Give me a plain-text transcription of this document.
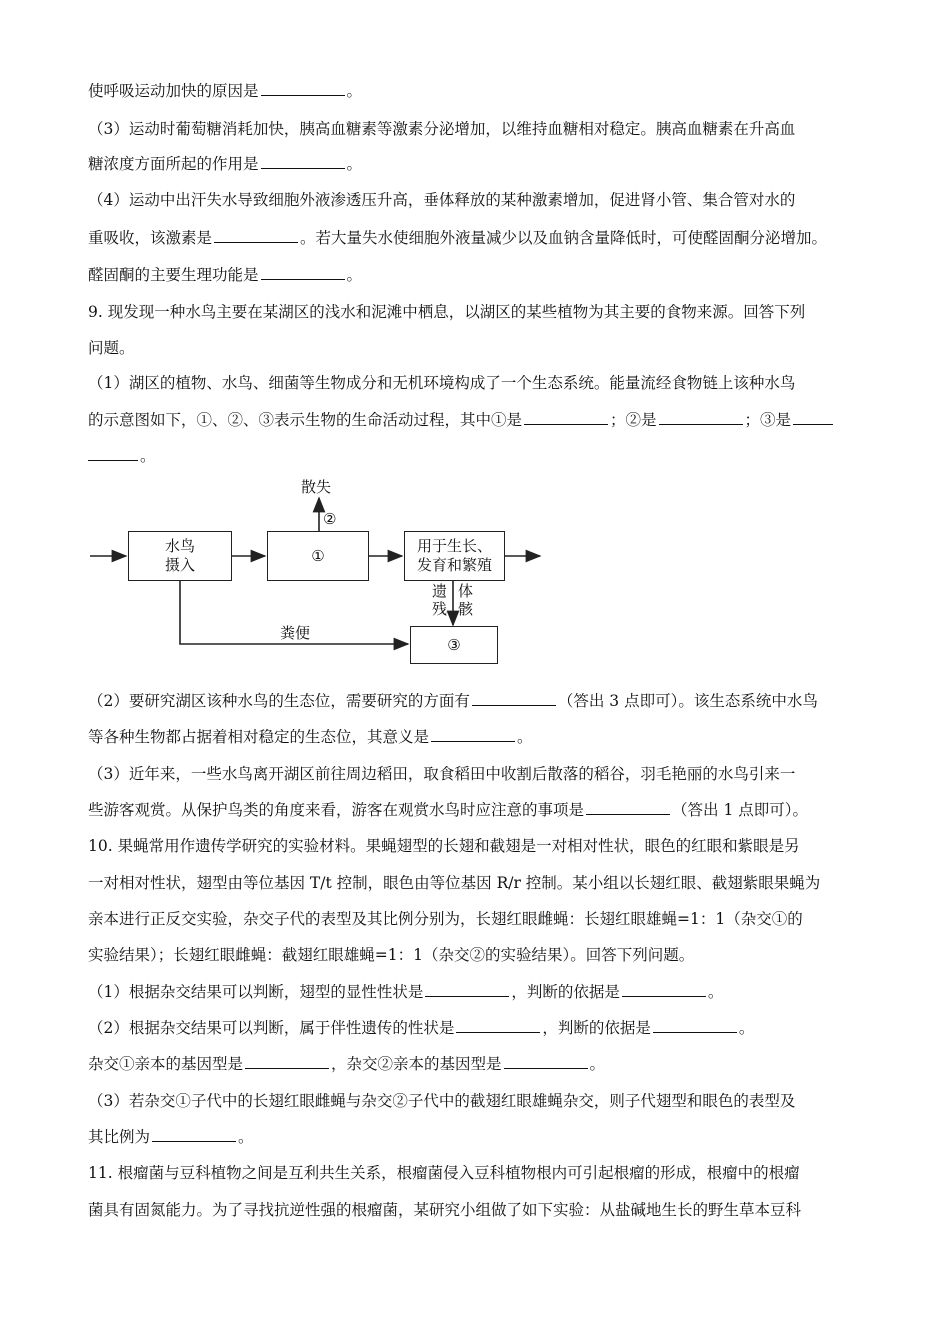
使呼吸运动加快的原因是	。
（3）运动时葡萄糖消耗加快，胰高血糖素等激素分泌增加，以维持血糖相对稳定。胰高血糖素在升高血
糖浓度方面所起的作用是	。
（4）运动中出汗失水导致细胞外液渗透压升高，垂体释放的某种激素增加，促进肾小管、集合管对水的
重吸收，该激素是	。若大量失水使细胞外液量减少以及血钠含量降低时，可使醛固酮分泌增加。
醛固酮的主要生理功能是	。
9. 现发现一种水鸟主要在某湖区的浅水和泥滩中栖息，以湖区的某些植物为其主要的食物来源。回答下列
问题。
（1）湖区的植物、水鸟、细菌等生物成分和无机环境构成了一个生态系统。能量流经食物链上该种水鸟
的示意图如下，①、②、③表示生物的生命活动过程，其中①是	；②是	；③是
。
水鸟
摄入
①
用于生长、
发育和繁殖
③
散失
②
遗
残
体
骸
粪便
（2）要研究湖区该种水鸟的生态位，需要研究的方面有	（答出 3 点即可）。该生态系统中水鸟
等各种生物都占据着相对稳定的生态位，其意义是	。
（3）近年来，一些水鸟离开湖区前往周边稻田，取食稻田中收割后散落的稻谷，羽毛艳丽的水鸟引来一
些游客观赏。从保护鸟类的角度来看，游客在观赏水鸟时应注意的事项是	（答出 1 点即可）。
10. 果蝇常用作遗传学研究的实验材料。果蝇翅型的长翅和截翅是一对相对性状，眼色的红眼和紫眼是另
一对相对性状，翅型由等位基因 T/t 控制，眼色由等位基因 R/r 控制。某小组以长翅红眼、截翅紫眼果蝇为
亲本进行正反交实验，杂交子代的表型及其比例分别为，长翅红眼雌蝇：长翅红眼雄蝇=1：1（杂交①的
实验结果）；长翅红眼雌蝇：截翅红眼雄蝇=1：1（杂交②的实验结果）。回答下列问题。
（1）根据杂交结果可以判断，翅型的显性性状是	，判断的依据是	。
（2）根据杂交结果可以判断，属于伴性遗传的性状是	，判断的依据是	。
杂交①亲本的基因型是	，杂交②亲本的基因型是	。
（3）若杂交①子代中的长翅红眼雌蝇与杂交②子代中的截翅红眼雄蝇杂交，则子代翅型和眼色的表型及
其比例为	。
11. 根瘤菌与豆科植物之间是互利共生关系，根瘤菌侵入豆科植物根内可引起根瘤的形成，根瘤中的根瘤
菌具有固氮能力。为了寻找抗逆性强的根瘤菌，某研究小组做了如下实验：从盐碱地生长的野生草本豆科
